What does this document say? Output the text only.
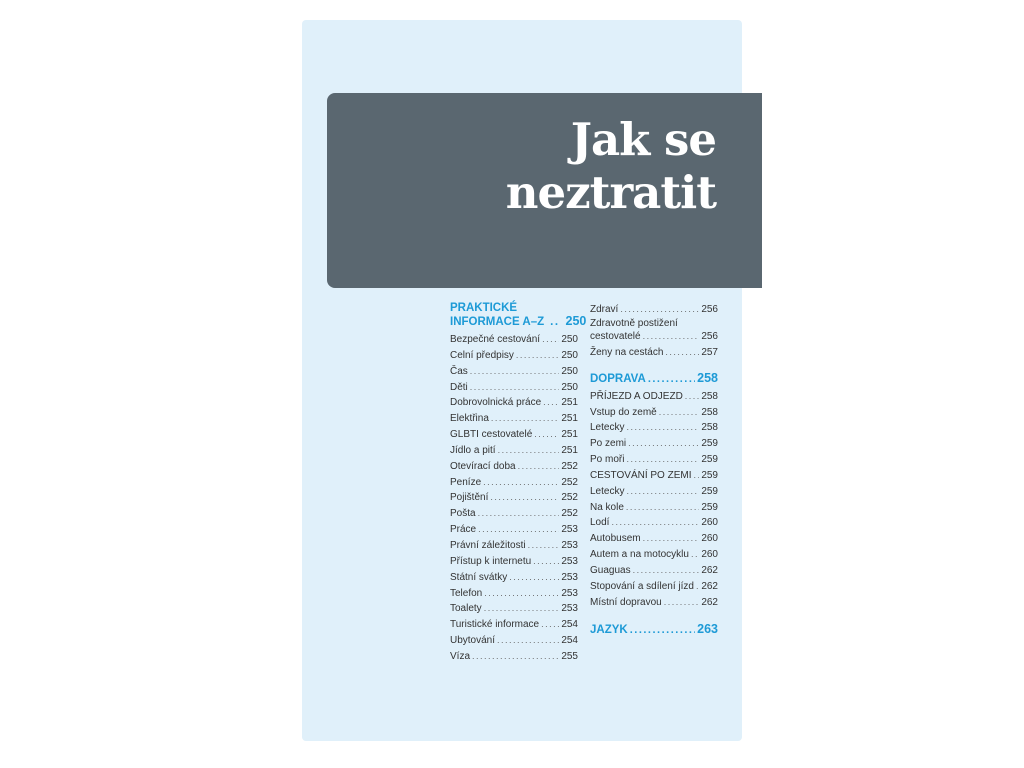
Jak se
neztratit
PRAKTICKÉ
INFORMACE A–Z .. 250
Bezpečné cestování ..... 250
Celní předpisy .....	250
Čas .....	250
Děti .....	250
Dobrovolnická práce ..... 251
Elektřina .....	251
GLBTI cestovatelé .....	251
Jídlo a pití .....	251
Otevírací doba .....	252
Peníze .....	252
Pojištění .....	252
Pošta .....	252
Práce .....	253
Právní záležitosti .....	253
Přístup k internetu .....	253
Státní svátky .....	253
Telefon .....	253
Toalety .....	253
Turistické informace ..... 254
Ubytování .....	254
Víza .....	255
Zdraví .....	256
Zdravotně postižení
cestovatelé .....	256
Ženy na cestách .....	257
DOPRAVA .....	258
PŘÍJEZD A ODJEZD ..... 258
Vstup do země .....	258
Letecky .....	258
Po zemi .....	259
Po moři .....	259
CESTOVÁNÍ PO ZEMI ..... 259
Letecky .....	259
Na kole .....	259
Lodí .....	260
Autobusem .....	260
Autem a na motocyklu ..... 260
Guaguas .....	262
Stopování a sdílení jízd ..... 262
Místní dopravou .....	262
JAZYK .....	263
